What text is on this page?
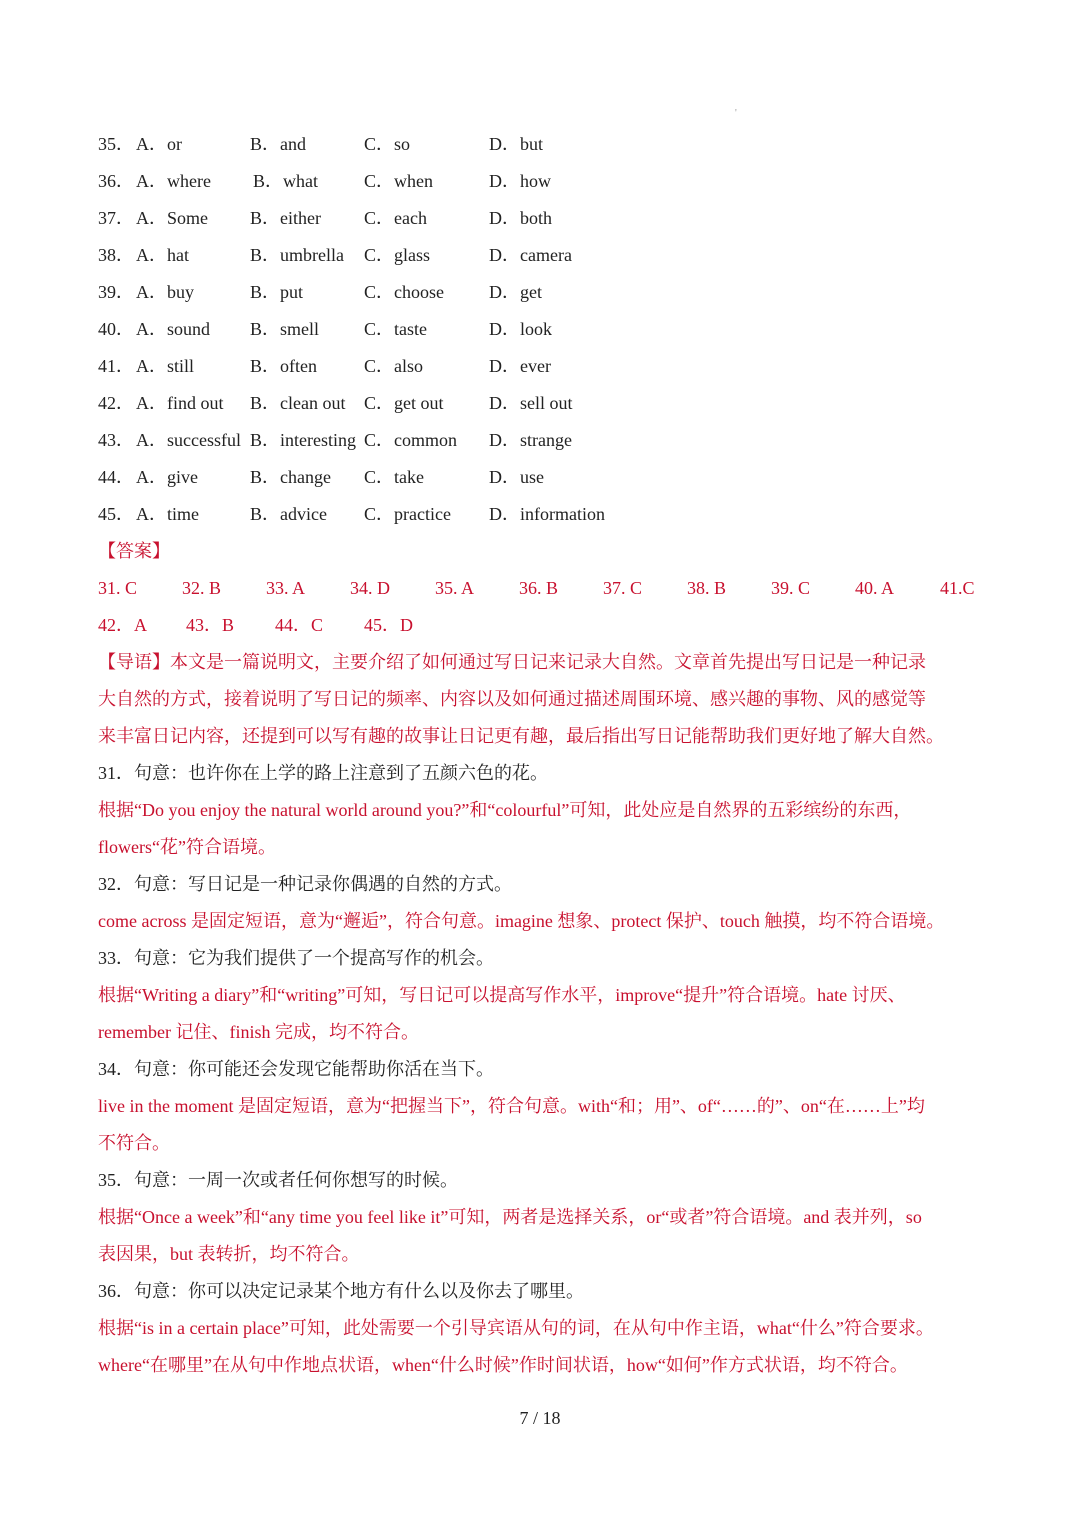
'
35． A．or	B．and	C．so	D．but
36． A．where B．what	C．when	D．how
37． A．Some B．either C．each	D．both
38． A．hat	B．umbrella C．glass	D．camera
39． A．buy	B．put	C．choose	D．get
40． A．sound B．smell C．taste	D．look
41． A．still	B．often	C．also	D．ever
42． A．find out B．clean out C．get out	D．sell out
43． A．successful B．interesting C．common D．strange
44． A．give	B．change C．take	D．use
45． A．time	B．advice C．practice D．information
【答案】
31. C 32. B 33. A 34. D	35. A 36. B 37. C 38. B 39. C 40. A	41.C
42．A 43．B 44．C 45．D
【导语】本文是一篇说明文，主要介绍了如何通过写日记来记录大自然。文章首先提出写日记是一种记录
大自然的方式，接着说明了写日记的频率、内容以及如何通过描述周围环境、感兴趣的事物、风的感觉等
来丰富日记内容，还提到可以写有趣的故事让日记更有趣，最后指出写日记能帮助我们更好地了解大自然。
31．句意：也许你在上学的路上注意到了五颜六色的花。
根据“Do you enjoy the natural world around you?”和“colourful”可知，此处应是自然界的五彩缤纷的东西，
flowers“花”符合语境。
32．句意：写日记是一种记录你偶遇的自然的方式。
come across 是固定短语，意为“邂逅”，符合句意。imagine 想象、protect 保护、touch 触摸，均不符合语境。
33．句意：它为我们提供了一个提高写作的机会。
根据“Writing a diary”和“writing”可知，写日记可以提高写作水平，improve“提升”符合语境。hate 讨厌、
remember 记住、finish 完成，均不符合。
34．句意：你可能还会发现它能帮助你活在当下。
live in the moment 是固定短语，意为“把握当下”，符合句意。with“和；用”、of“……的”、on“在……上”均
不符合。
35．句意：一周一次或者任何你想写的时候。
根据“Once a week”和“any time you feel like it”可知，两者是选择关系，or“或者”符合语境。and 表并列，so
表因果，but 表转折，均不符合。
36．句意：你可以决定记录某个地方有什么以及你去了哪里。
根据“is in a certain place”可知，此处需要一个引导宾语从句的词，在从句中作主语，what“什么”符合要求。
where“在哪里”在从句中作地点状语，when“什么时候”作时间状语，how“如何”作方式状语，均不符合。
7 / 18
